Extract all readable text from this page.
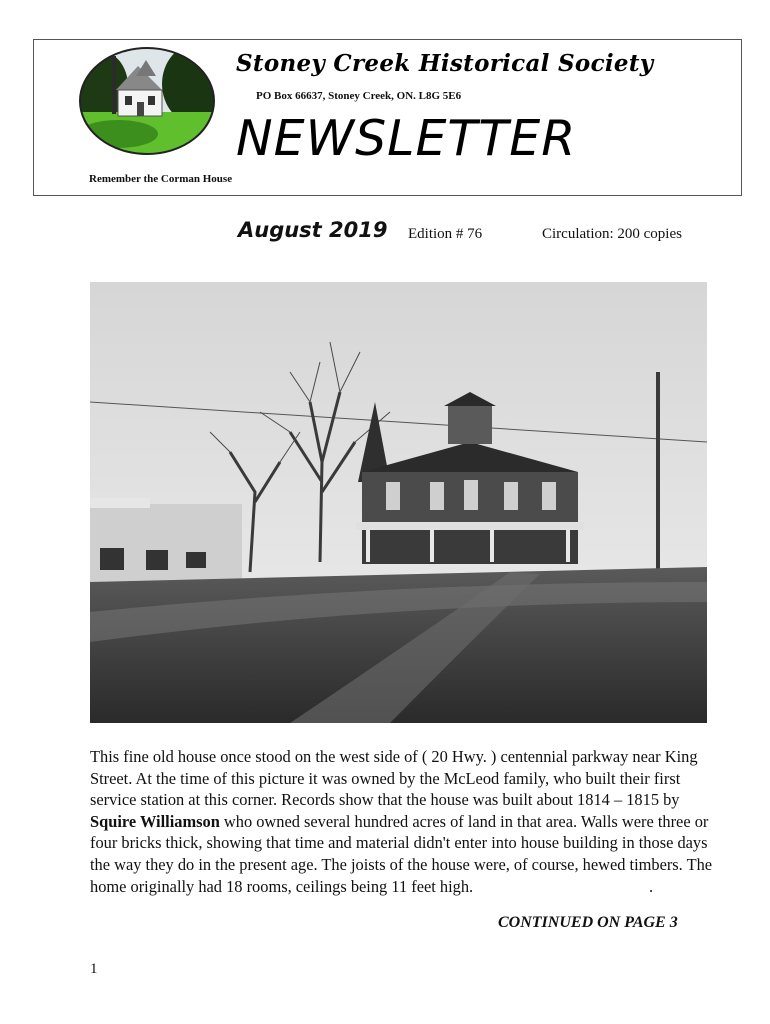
Stoney Creek Historical Society
PO Box 66637, Stoney Creek, ON. L8G 5E6
NEWSLETTER
Remember the Corman House
August 2019 Edition # 76	Circulation: 200 copies

This fine old house once stood on the west side of ( 20 Hwy. ) centennial parkway near King Street. At the time of this picture it was owned by the McLeod family, who built their first service station at this corner. Records show that the house was built about 1814 – 1815 by Squire Williamson who owned several hundred acres of land in that area. Walls were three or four bricks thick, showing that time and material didn't enter into house building in those days the way they do in the present age. The joists of the house were, of course, hewed timbers. The home originally had 18 rooms, ceilings being 11 feet high.	.

CONTINUED ON PAGE 3
1
